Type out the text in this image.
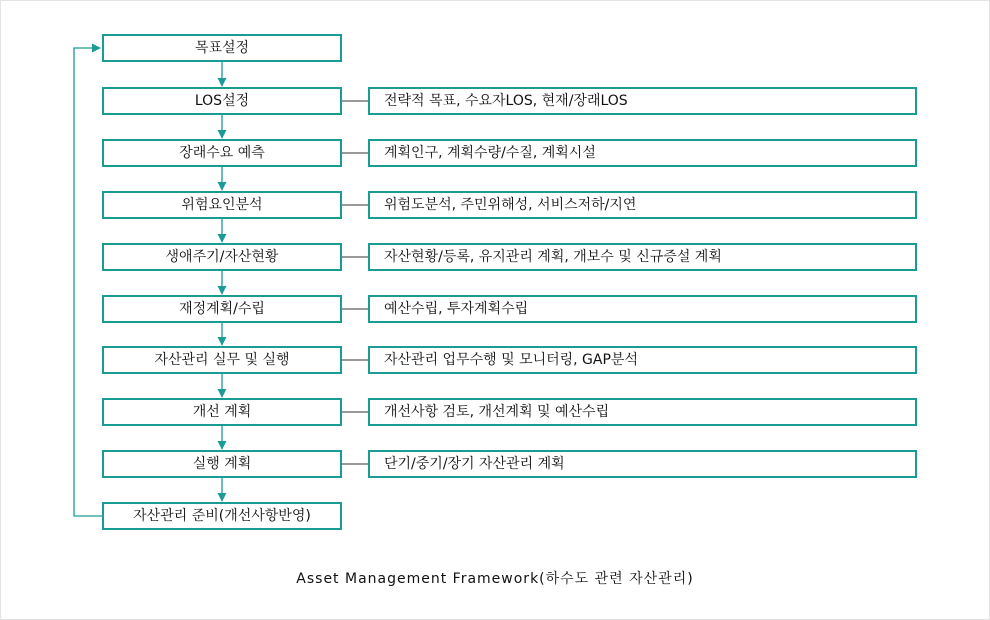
목표설정
LOS설정	전략적 목표, 수요자LOS, 현재/장래LOS
장래수요 예측	계획인구, 계획수량/수질, 계획시설
위험요인분석	위험도분석, 주민위해성, 서비스저하/지연
생애주기/자산현황	자산현황/등록, 유지관리 계획, 개보수 및 신규증설 계획
재정계획/수립	예산수립, 투자계획수립
자산관리 실무 및 실행	자산관리 업무수행 및 모니터링, GAP분석
개선 계획	개선사항 검토, 개선계획 및 예산수립
실행 계획	단기/중기/장기 자산관리 계획
자산관리 준비(개선사항반영)
Asset Management Framework(하수도 관련 자산관리)
